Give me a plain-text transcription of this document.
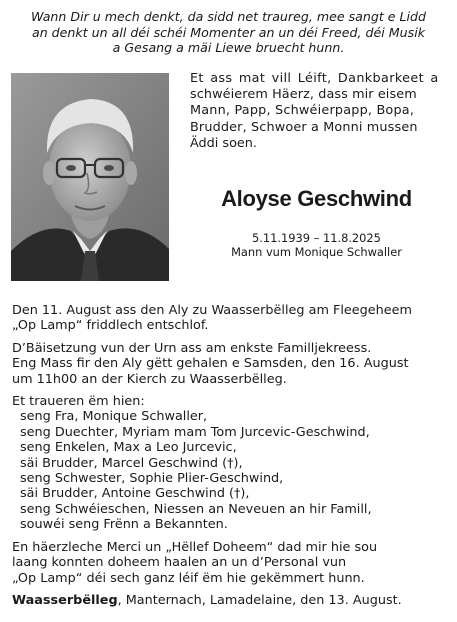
Wann Dir u mech denkt, da sidd net traureg, mee sangt e Lidd
an denkt un all déi schéi Momenter an un déi Freed, déi Musik
a Gesang a mäi Liewe bruecht hunn.
Et ass mat vill Léift, Dankbarkeet a
schwéierem Häerz, dass mir eisem
Mann, Papp, Schwéierpapp, Bopa,
Brudder, Schwoer a Monni mussen
Äddi soen.
Aloyse Geschwind
5.11.1939 – 11.8.2025
Mann vum Monique Schwaller

Den 11. August ass den Aly zu Waasserbëlleg am Fleegeheem
„Op Lamp“ friddlech entschlof.

D’Bäisetzung vun der Urn ass am enkste Familljekreess.
Eng Mass fir den Aly gëtt gehalen e Samsden, den 16. August
um 11h00 an der Kierch zu Waasserbëlleg.

Et traueren ëm hien:
seng Fra, Monique Schwaller,
seng Duechter, Myriam mam Tom Jurcevic-Geschwind,
seng Enkelen, Max a Leo Jurcevic,
säi Brudder, Marcel Geschwind (†),
seng Schwester, Sophie Plier-Geschwind,
säi Brudder, Antoine Geschwind (†),
seng Schwéieschen, Niessen an Neveuen an hir Famill,
souwéi seng Frënn a Bekannten.

En häerzleche Merci un „Hëllef Doheem“ dad mir hie sou
laang konnten doheem haalen an un d’Personal vun
„Op Lamp“ déi sech ganz léif ëm hie gekëmmert hunn.

Waasserbëlleg, Manternach, Lamadelaine, den 13. August.
